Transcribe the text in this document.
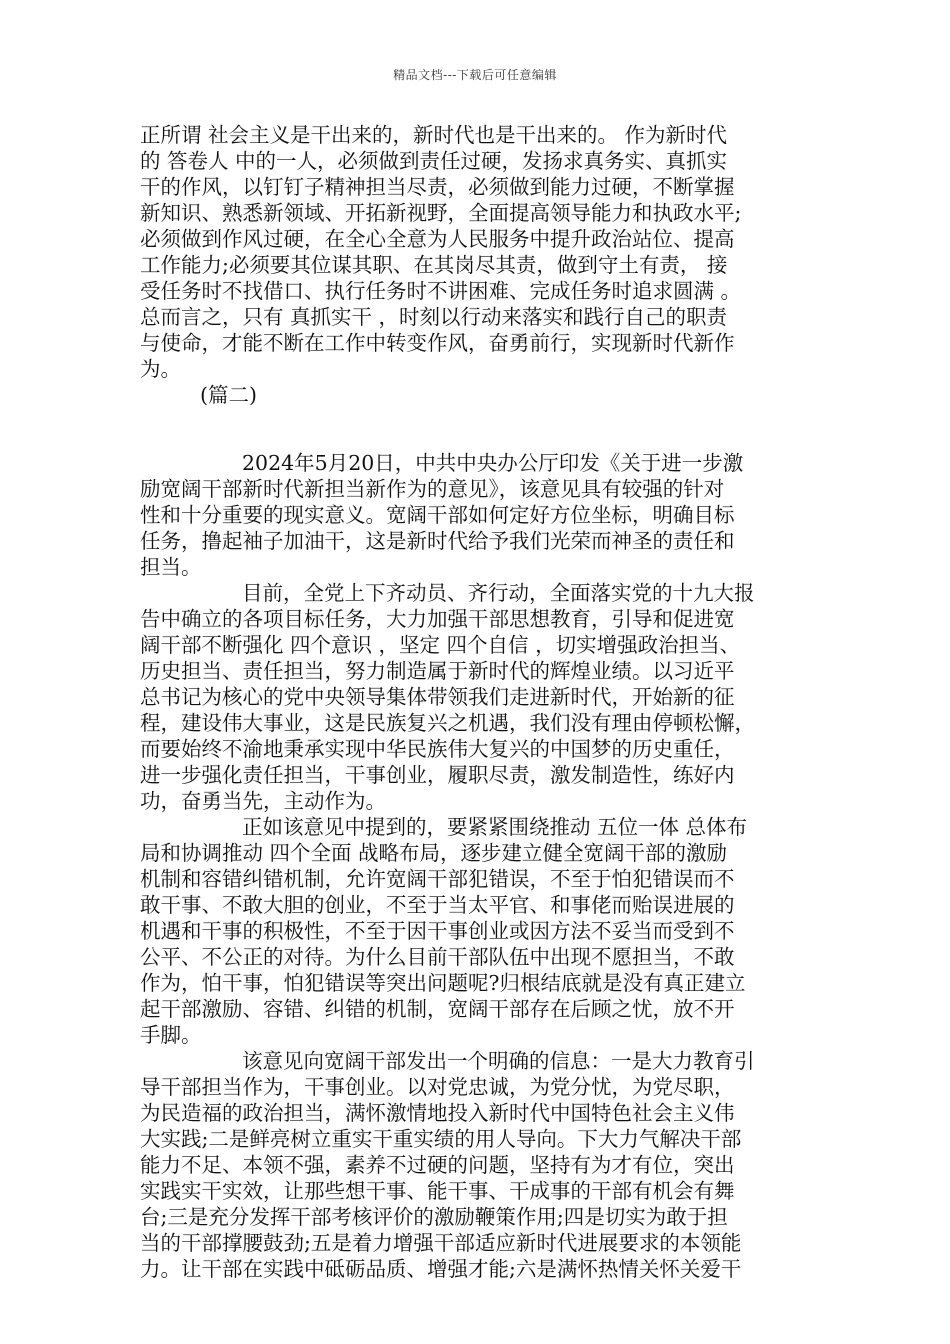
精品文档---下载后可任意编辑
正所谓 社会主义是干出来的，新时代也是干出来的。 作为新时代
的 答卷人 中的一人，必须做到责任过硬，发扬求真务实、真抓实
干的作风，以钉钉子精神担当尽责，必须做到能力过硬，不断掌握
新知识、熟悉新领域、开拓新视野，全面提高领导能力和执政水平;
必须做到作风过硬，在全心全意为人民服务中提升政治站位、提高
工作能力;必须要其位谋其职、在其岗尽其责，做到守土有责， 接
受任务时不找借口、执行任务时不讲困难、完成任务时追求圆满 。
总而言之，只有 真抓实干 ，时刻以行动来落实和践行自己的职责
与使命，才能不断在工作中转变作风，奋勇前行，实现新时代新作
为。
(篇二)
2024年5月20日，中共中央办公厅印发《关于进一步激
励宽阔干部新时代新担当新作为的意见》，该意见具有较强的针对
性和十分重要的现实意义。宽阔干部如何定好方位坐标，明确目标
任务，撸起袖子加油干，这是新时代给予我们光荣而神圣的责任和
担当。
目前，全党上下齐动员、齐行动，全面落实党的十九大报
告中确立的各项目标任务，大力加强干部思想教育，引导和促进宽
阔干部不断强化 四个意识 ，坚定 四个自信 ，切实增强政治担当、
历史担当、责任担当，努力制造属于新时代的辉煌业绩。以习近平
总书记为核心的党中央领导集体带领我们走进新时代，开始新的征
程，建设伟大事业，这是民族复兴之机遇，我们没有理由停顿松懈，
而要始终不渝地秉承实现中华民族伟大复兴的中国梦的历史重任，
进一步强化责任担当，干事创业，履职尽责，激发制造性，练好内
功，奋勇当先，主动作为。
正如该意见中提到的，要紧紧围绕推动 五位一体 总体布
局和协调推动 四个全面 战略布局，逐步建立健全宽阔干部的激励
机制和容错纠错机制，允许宽阔干部犯错误，不至于怕犯错误而不
敢干事、不敢大胆的创业，不至于当太平官、和事佬而贻误进展的
机遇和干事的积极性，不至于因干事创业或因方法不妥当而受到不
公平、不公正的对待。为什么目前干部队伍中出现不愿担当，不敢
作为，怕干事，怕犯错误等突出问题呢?归根结底就是没有真正建立
起干部激励、容错、纠错的机制，宽阔干部存在后顾之忧，放不开
手脚。
该意见向宽阔干部发出一个明确的信息：一是大力教育引
导干部担当作为，干事创业。以对党忠诚，为党分忧，为党尽职，
为民造福的政治担当，满怀激情地投入新时代中国特色社会主义伟
大实践;二是鲜亮树立重实干重实绩的用人导向。下大力气解决干部
能力不足、本领不强，素养不过硬的问题，坚持有为才有位，突出
实践实干实效，让那些想干事、能干事、干成事的干部有机会有舞
台;三是充分发挥干部考核评价的激励鞭策作用;四是切实为敢于担
当的干部撑腰鼓劲;五是着力增强干部适应新时代进展要求的本领能
力。让干部在实践中砥砺品质、增强才能;六是满怀热情关怀关爱干
